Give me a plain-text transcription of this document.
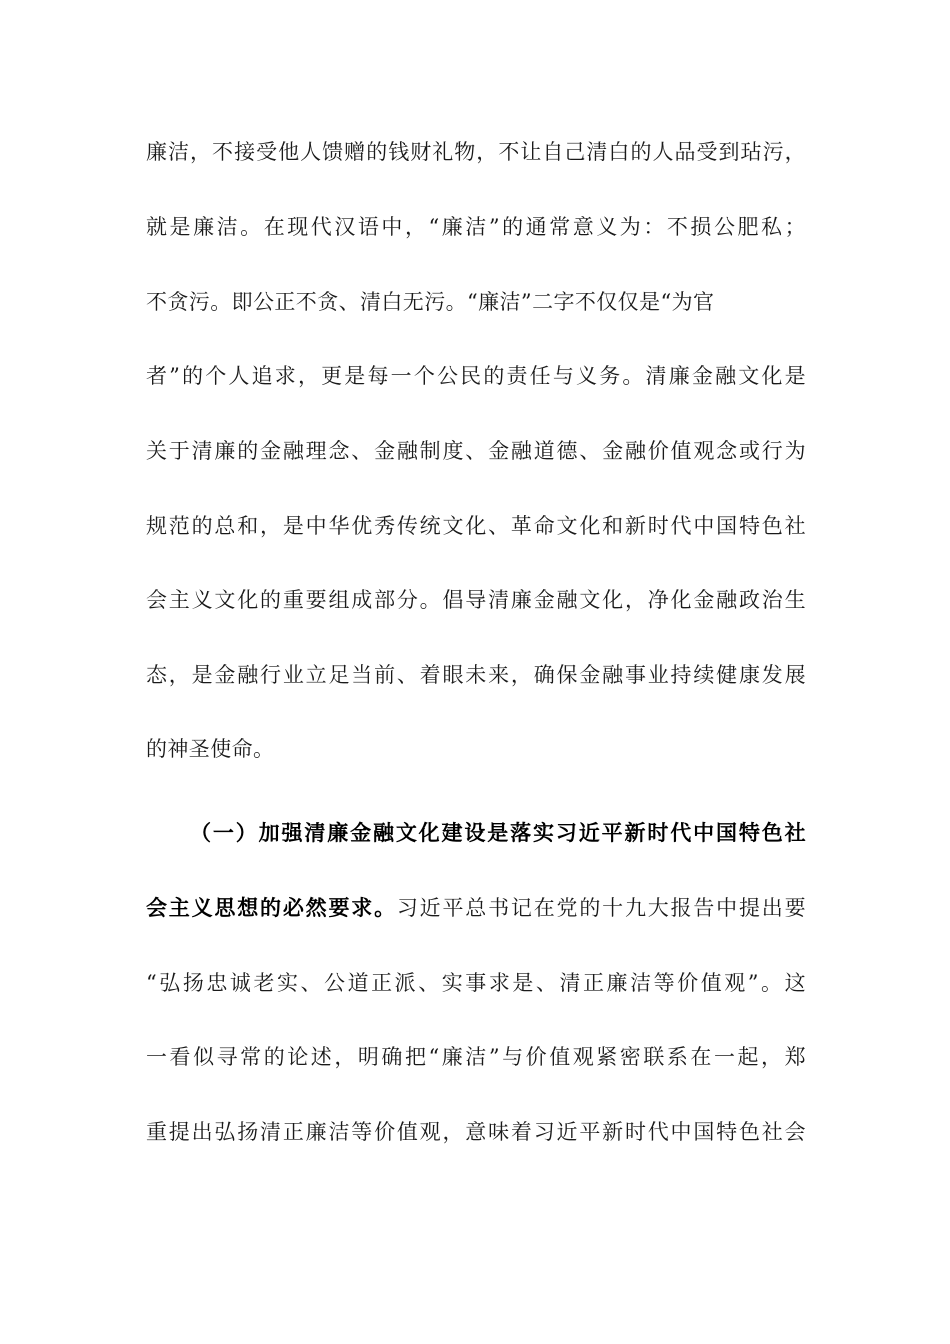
廉洁，不接受他人馈赠的钱财礼物，不让自己清白的人品受到玷污，
就是廉洁。在现代汉语中，“廉洁”的通常意义为：不损公肥私；
不贪污。即公正不贪、清白无污。“廉洁”二字不仅仅是“为官
者”的个人追求，更是每一个公民的责任与义务。清廉金融文化是
关于清廉的金融理念、金融制度、金融道德、金融价值观念或行为
规范的总和，是中华优秀传统文化、革命文化和新时代中国特色社
会主义文化的重要组成部分。倡导清廉金融文化，净化金融政治生
态，是金融行业立足当前、着眼未来，确保金融事业持续健康发展
的神圣使命。
（一）加强清廉金融文化建设是落实习近平新时代中国特色社
会主义思想的必然要求。习近平总书记在党的十九大报告中提出要
“弘扬忠诚老实、公道正派、实事求是、清正廉洁等价值观”。这
一看似寻常的论述，明确把“廉洁”与价值观紧密联系在一起，郑
重提出弘扬清正廉洁等价值观，意味着习近平新时代中国特色社会
